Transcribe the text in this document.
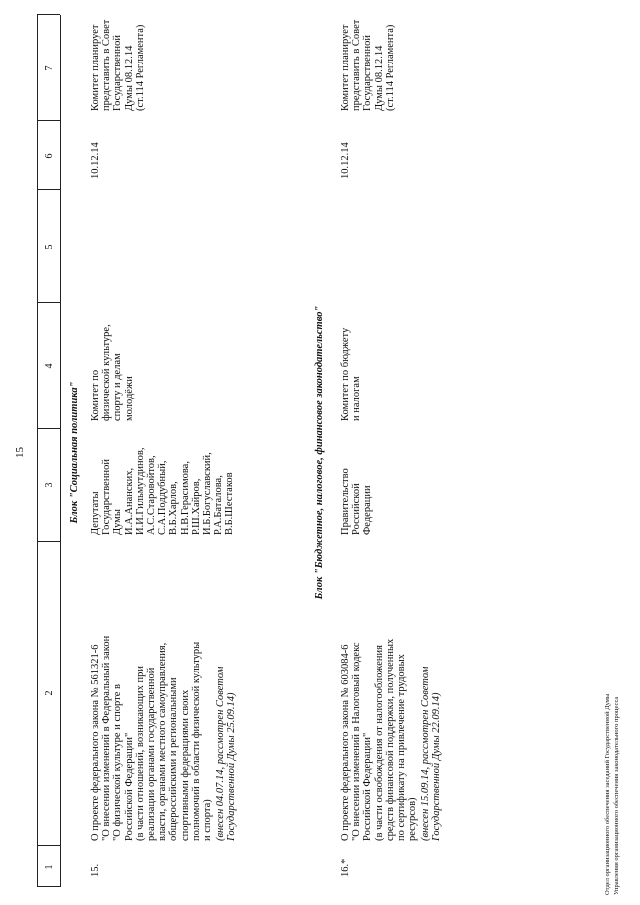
15
1
2
3
4
5
6
7
Блок "Социальная политика"
15.
О проекте федерального закона № 561321-6
"О внесении изменений в Федеральный закон
"О физической культуре и спорте в
Российской Федерации"
(в части отношений, возникающих при
реализации органами государственной
власти, органами местного самоуправления,
общероссийскими и региональными
спортивными федерациями своих
полномочий в области физической культуры
и спорта) (внесен 04.07.14, рассмотрен Советом
Государственной Думы 25.09.14)
Депутаты
Государственной
Думы
И.А.Ананских,
И.И.Гильмутдинов,
А.С.Старовойтов,
С.А.Поддубный,
В.Б.Харлов,
Н.В.Герасимова,
Р.Ш.Хайров,
И.Б.Богуславский,
Р.А.Баталова,
В.Б.Шестаков
Комитет по
физической культуре,
спорту и делам
молодёжи
10.12.14
Комитет планирует
представить в Совет
Государственной
Думы 08.12.14
(ст.114 Регламента)
Блок "Бюджетное, налоговое, финансовое законодательство"
16.*
О проекте федерального закона № 603084-6
"О внесении изменений в Налоговый кодекс
Российской Федерации"
(в части освобождения от налогообложения
средств финансовой поддержки, полученных
по сертификату на привлечение трудовых
ресурсов) (внесен 15.09.14, рассмотрен Советом
Государственной Думы 22.09.14)
Правительство
Российской
Федерации
Комитет по бюджету
и налогам
10.12.14
Комитет планирует
представить в Совет
Государственной
Думы 08.12.14
(ст.114 Регламента)
Отдел организационного обеспечения заседаний Государственной Думы Управления организационного обеспечения законодательного процесса
